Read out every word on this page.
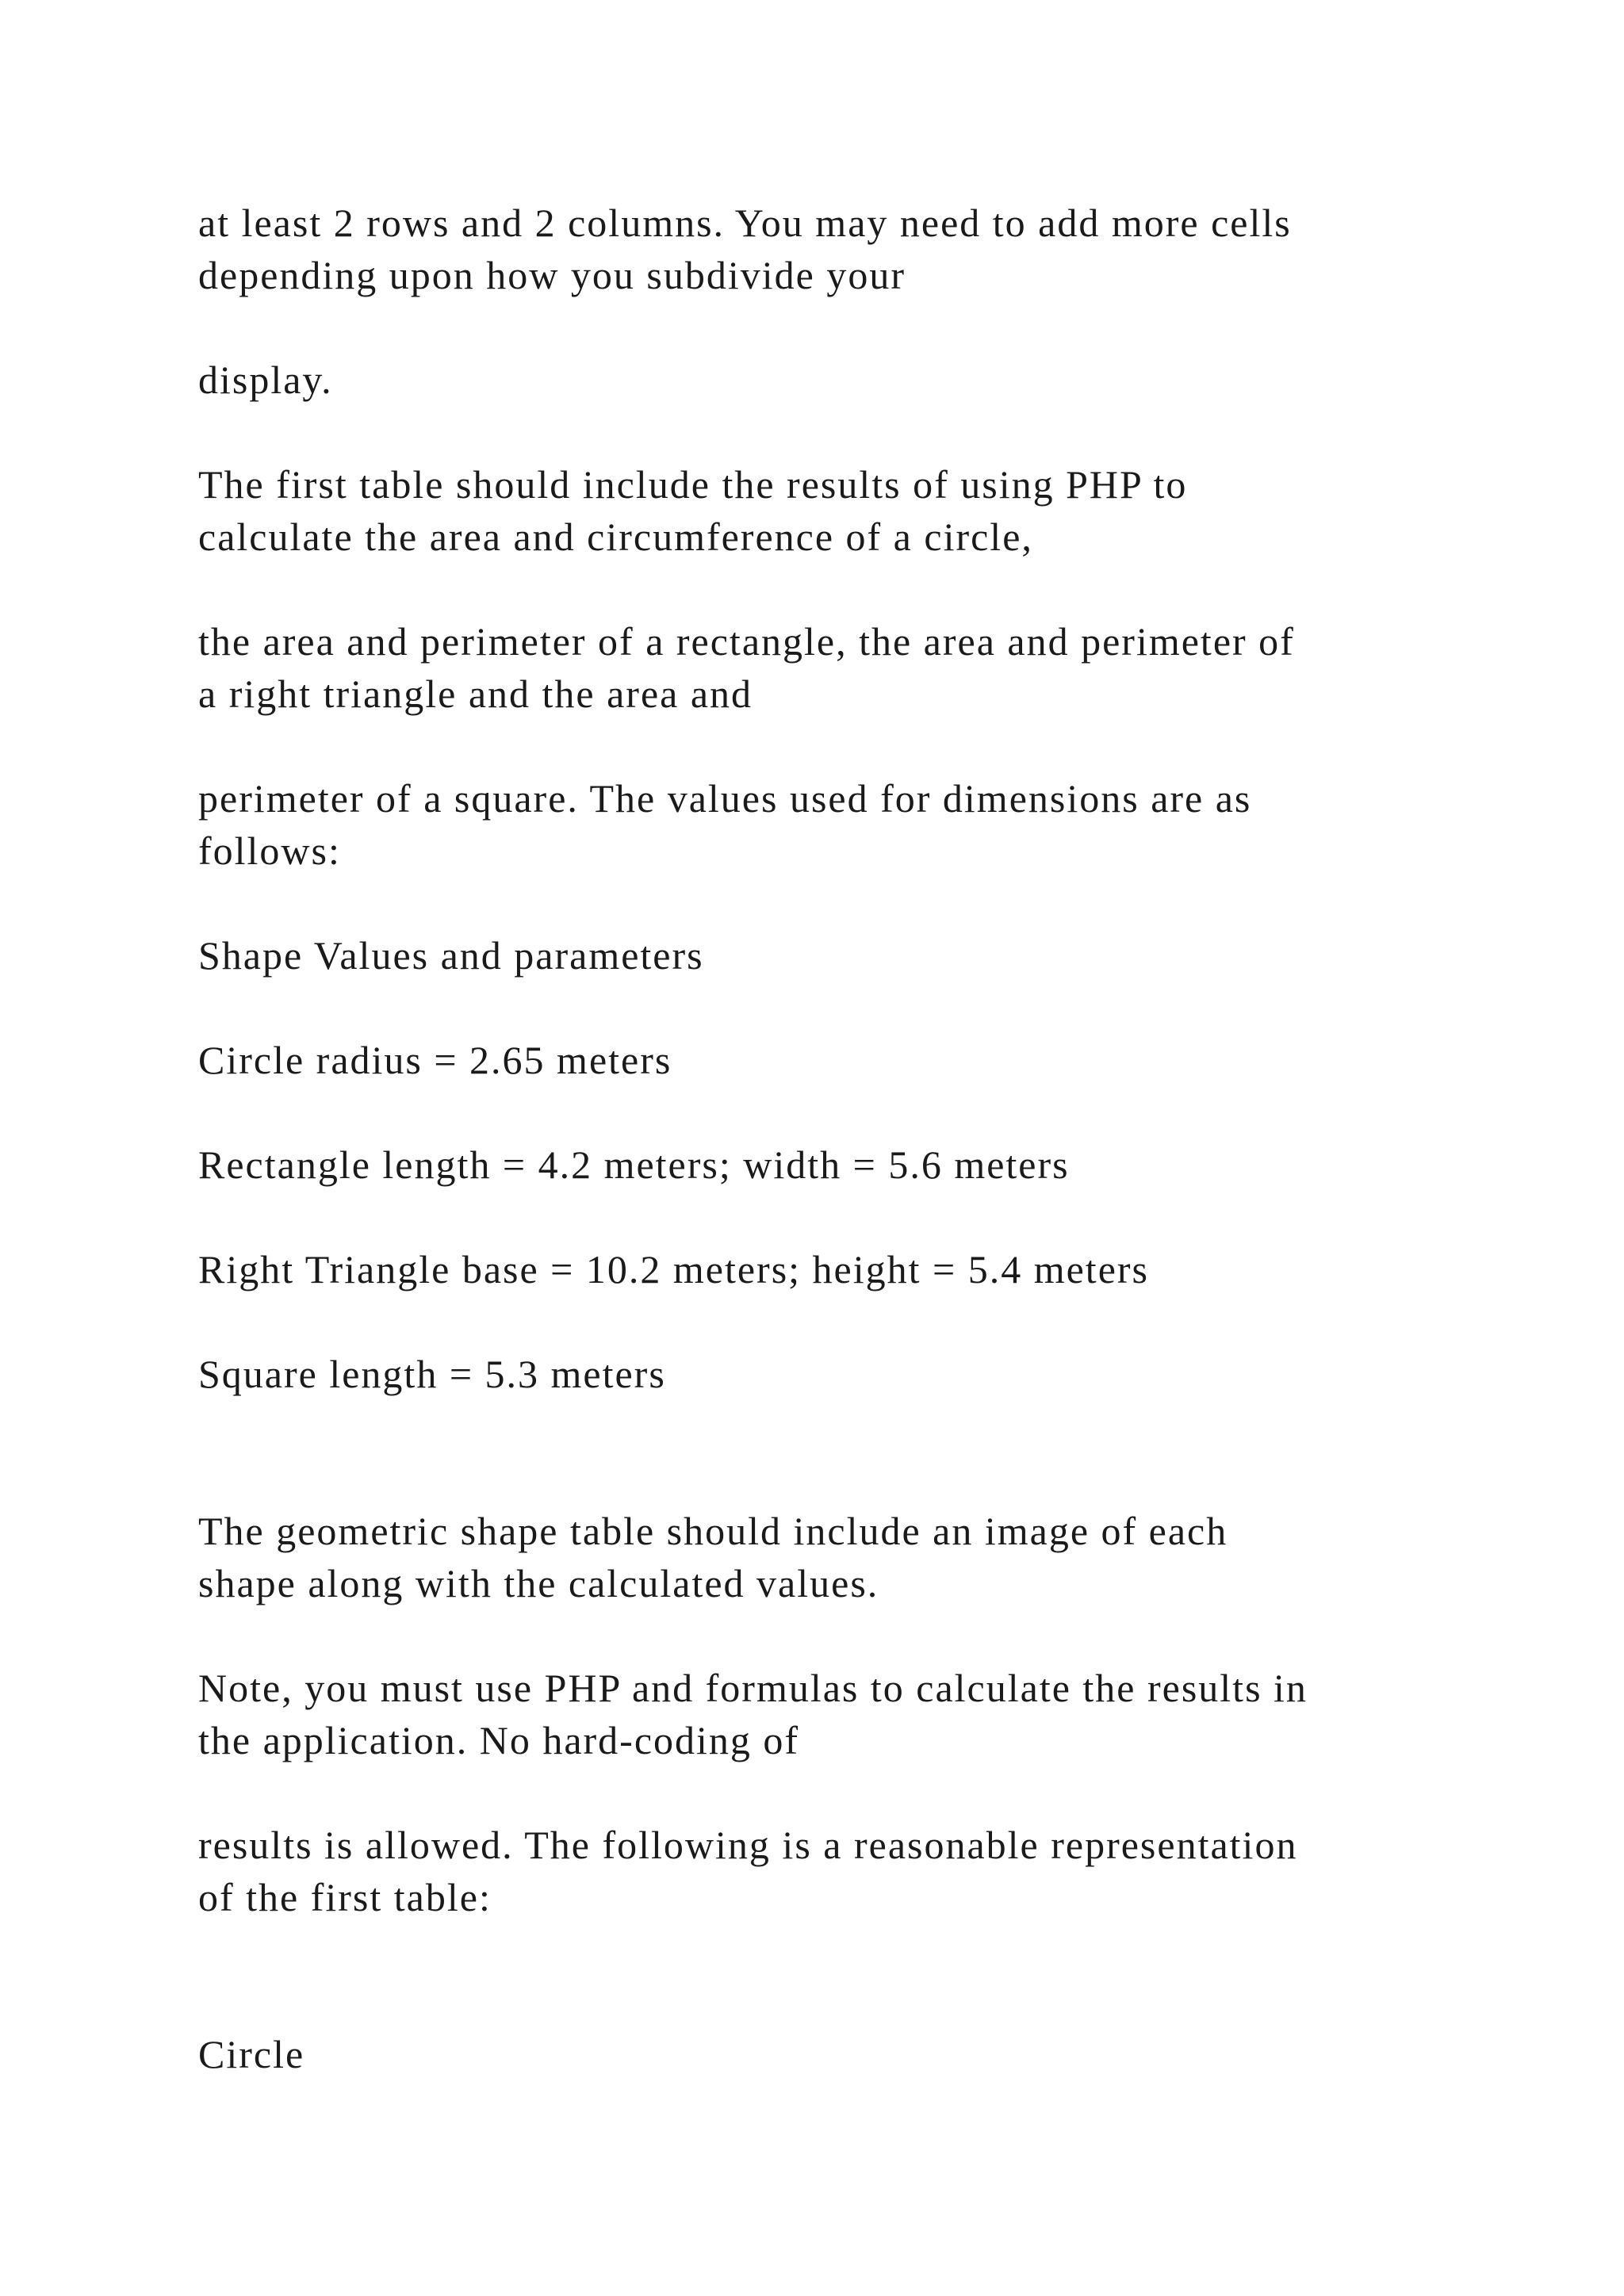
at least 2 rows and 2 columns. You may need to add more cells

depending upon how you subdivide your

display.

The first table should include the results of using PHP to

calculate the area and circumference of a circle,

the area and perimeter of a rectangle, the area and perimeter of

a right triangle and the area and

perimeter of a square. The values used for dimensions are as

follows:

Shape Values and parameters

Circle radius = 2.65 meters

Rectangle length = 4.2 meters; width = 5.6 meters

Right Triangle base = 10.2 meters; height = 5.4 meters

Square length = 5.3 meters

The geometric shape table should include an image of each

shape along with the calculated values.

Note, you must use PHP and formulas to calculate the results in

the application. No hard-coding of

results is allowed. The following is a reasonable representation

of the first table:

Circle
